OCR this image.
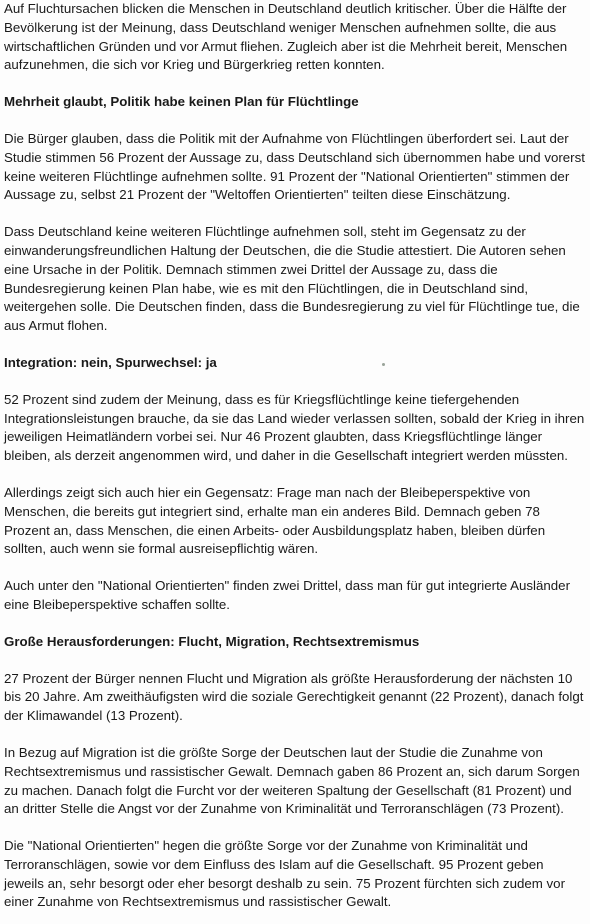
Auf Fluchtursachen blicken die Menschen in Deutschland deutlich kritischer. Über die Hälfte der Bevölkerung ist der Meinung, dass Deutschland weniger Menschen aufnehmen sollte, die aus wirtschaftlichen Gründen und vor Armut fliehen. Zugleich aber ist die Mehrheit bereit, Menschen aufzunehmen, die sich vor Krieg und Bürgerkrieg retten konnten.

Mehrheit glaubt, Politik habe keinen Plan für Flüchtlinge

Die Bürger glauben, dass die Politik mit der Aufnahme von Flüchtlingen überfordert sei. Laut der Studie stimmen 56 Prozent der Aussage zu, dass Deutschland sich übernommen habe und vorerst keine weiteren Flüchtlinge aufnehmen sollte. 91 Prozent der "National Orientierten" stimmen der Aussage zu, selbst 21 Prozent der "Weltoffen Orientierten" teilten diese Einschätzung.

Dass Deutschland keine weiteren Flüchtlinge aufnehmen soll, steht im Gegensatz zu der einwanderungsfreundlichen Haltung der Deutschen, die die Studie attestiert. Die Autoren sehen eine Ursache in der Politik. Demnach stimmen zwei Drittel der Aussage zu, dass die Bundesregierung keinen Plan habe, wie es mit den Flüchtlingen, die in Deutschland sind, weitergehen solle. Die Deutschen finden, dass die Bundesregierung zu viel für Flüchtlinge tue, die aus Armut flohen.

Integration: nein, Spurwechsel: ja

52 Prozent sind zudem der Meinung, dass es für Kriegsflüchtlinge keine tiefergehenden Integrationsleistungen brauche, da sie das Land wieder verlassen sollten, sobald der Krieg in ihren jeweiligen Heimatländern vorbei sei. Nur 46 Prozent glaubten, dass Kriegsflüchtlinge länger bleiben, als derzeit angenommen wird, und daher in die Gesellschaft integriert werden müssten.

Allerdings zeigt sich auch hier ein Gegensatz: Frage man nach der Bleibeperspektive von Menschen, die bereits gut integriert sind, erhalte man ein anderes Bild. Demnach geben 78 Prozent an, dass Menschen, die einen Arbeits- oder Ausbildungsplatz haben, bleiben dürfen sollten, auch wenn sie formal ausreisepflichtig wären.

Auch unter den "National Orientierten" finden zwei Drittel, dass man für gut integrierte Ausländer eine Bleibeperspektive schaffen sollte.

Große Herausforderungen: Flucht, Migration, Rechtsextremismus

27 Prozent der Bürger nennen Flucht und Migration als größte Herausforderung der nächsten 10 bis 20 Jahre. Am zweithäufigsten wird die soziale Gerechtigkeit genannt (22 Prozent), danach folgt der Klimawandel (13 Prozent).

In Bezug auf Migration ist die größte Sorge der Deutschen laut der Studie die Zunahme von Rechtsextremismus und rassistischer Gewalt. Demnach gaben 86 Prozent an, sich darum Sorgen zu machen. Danach folgt die Furcht vor der weiteren Spaltung der Gesellschaft (81 Prozent) und an dritter Stelle die Angst vor der Zunahme von Kriminalität und Terroranschlägen (73 Prozent).

Die "National Orientierten" hegen die größte Sorge vor der Zunahme von Kriminalität und Terroranschlägen, sowie vor dem Einfluss des Islam auf die Gesellschaft. 95 Prozent geben jeweils an, sehr besorgt oder eher besorgt deshalb zu sein. 75 Prozent fürchten sich zudem vor einer Zunahme von Rechtsextremismus und rassistischer Gewalt.
